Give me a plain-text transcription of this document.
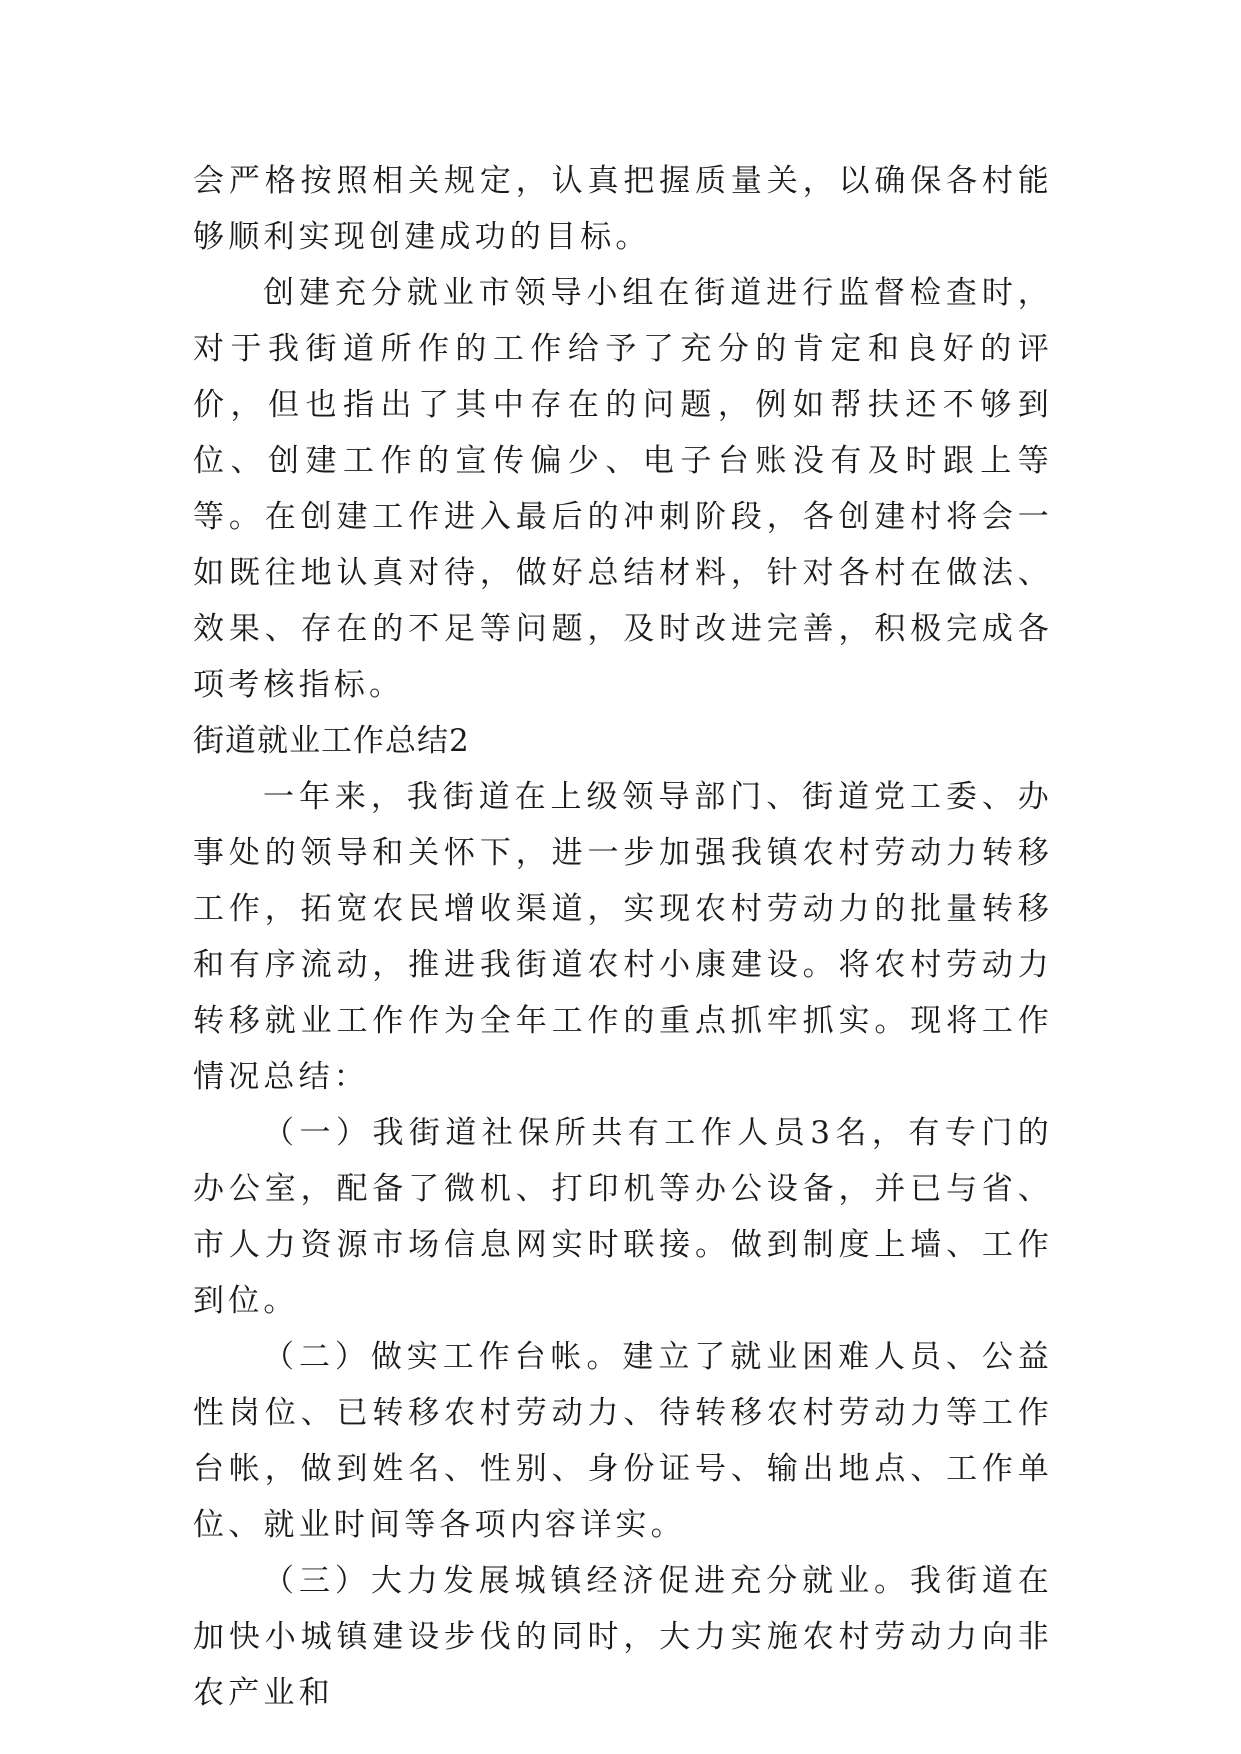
会严格按照相关规定，认真把握质量关，以确保各村能够顺利实现创建成功的目标。

创建充分就业市领导小组在街道进行监督检查时，对于我街道所作的工作给予了充分的肯定和良好的评价，但也指出了其中存在的问题，例如帮扶还不够到位、创建工作的宣传偏少、电子台账没有及时跟上等等。在创建工作进入最后的冲刺阶段，各创建村将会一如既往地认真对待，做好总结材料，针对各村在做法、效果、存在的不足等问题，及时改进完善，积极完成各项考核指标。

街道就业工作总结2

一年来，我街道在上级领导部门、街道党工委、办事处的领导和关怀下，进一步加强我镇农村劳动力转移工作，拓宽农民增收渠道，实现农村劳动力的批量转移和有序流动，推进我街道农村小康建设。将农村劳动力转移就业工作作为全年工作的重点抓牢抓实。现将工作情况总结：

（一）我街道社保所共有工作人员3名，有专门的办公室，配备了微机、打印机等办公设备，并已与省、市人力资源市场信息网实时联接。做到制度上墙、工作到位。

（二）做实工作台帐。建立了就业困难人员、公益性岗位、已转移农村劳动力、待转移农村劳动力等工作台帐，做到姓名、性别、身份证号、输出地点、工作单位、就业时间等各项内容详实。

（三）大力发展城镇经济促进充分就业。我街道在加快小城镇建设步伐的同时，大力实施农村劳动力向非农产业和
